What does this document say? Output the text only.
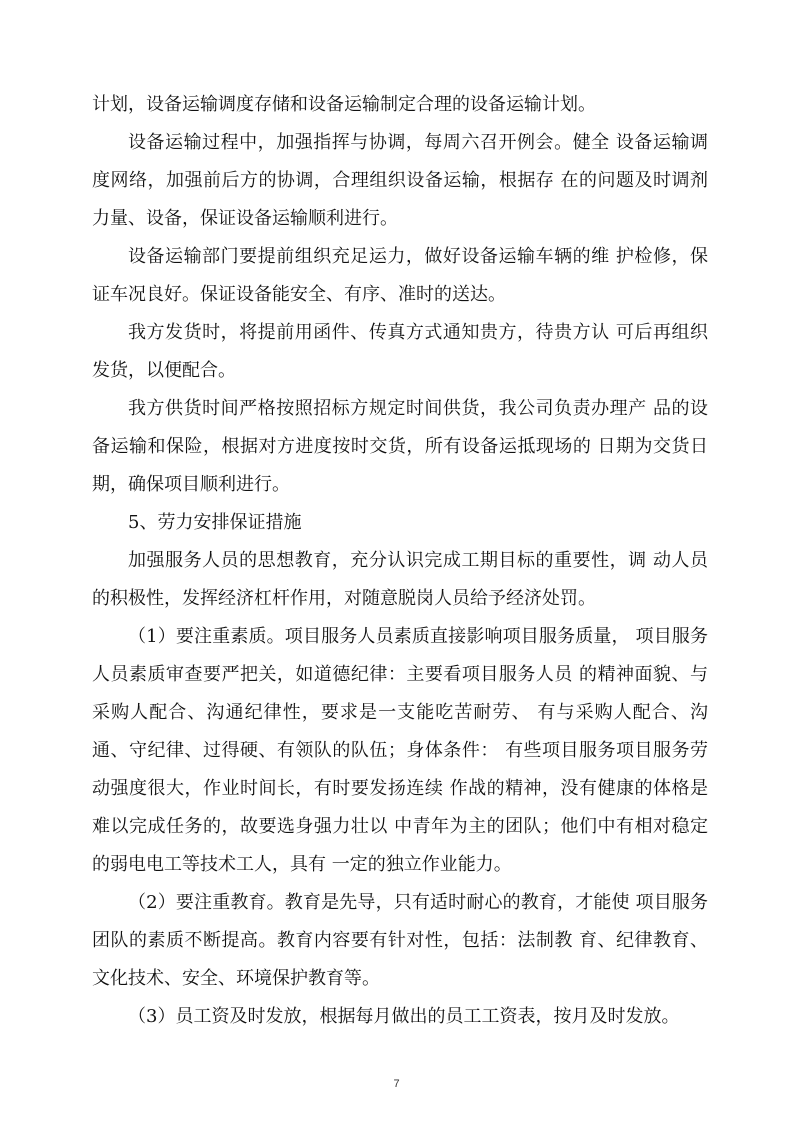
计划，设备运输调度存储和设备运输制定合理的设备运输计划。

设备运输过程中，加强指挥与协调，每周六召开例会。健全 设备运输调度网络，加强前后方的协调，合理组织设备运输，根据存 在的问题及时调剂力量、设备，保证设备运输顺利进行。

设备运输部门要提前组织充足运力，做好设备运输车辆的维 护检修，保证车况良好。保证设备能安全、有序、准时的送达。

我方发货时，将提前用函件、传真方式通知贵方，待贵方认 可后再组织发货，以便配合。

我方供货时间严格按照招标方规定时间供货，我公司负责办理产 品的设备运输和保险，根据对方进度按时交货，所有设备运抵现场的 日期为交货日期，确保项目顺利进行。

5、劳力安排保证措施

加强服务人员的思想教育，充分认识完成工期目标的重要性，调 动人员的积极性，发挥经济杠杆作用，对随意脱岗人员给予经济处罚。

（1）要注重素质。项目服务人员素质直接影响项目服务质量， 项目服务人员素质审查要严把关，如道德纪律：主要看项目服务人员 的精神面貌、与采购人配合、沟通纪律性，要求是一支能吃苦耐劳、 有与采购人配合、沟通、守纪律、过得硬、有领队的队伍；身体条件： 有些项目服务项目服务劳动强度很大，作业时间长，有时要发扬连续 作战的精神，没有健康的体格是难以完成任务的，故要选身强力壮以 中青年为主的团队；他们中有相对稳定的弱电电工等技术工人，具有 一定的独立作业能力。

（2）要注重教育。教育是先导，只有适时耐心的教育，才能使 项目服务团队的素质不断提高。教育内容要有针对性，包括：法制教 育、纪律教育、文化技术、安全、环境保护教育等。

（3）员工资及时发放，根据每月做出的员工工资表，按月及时发放。

7
